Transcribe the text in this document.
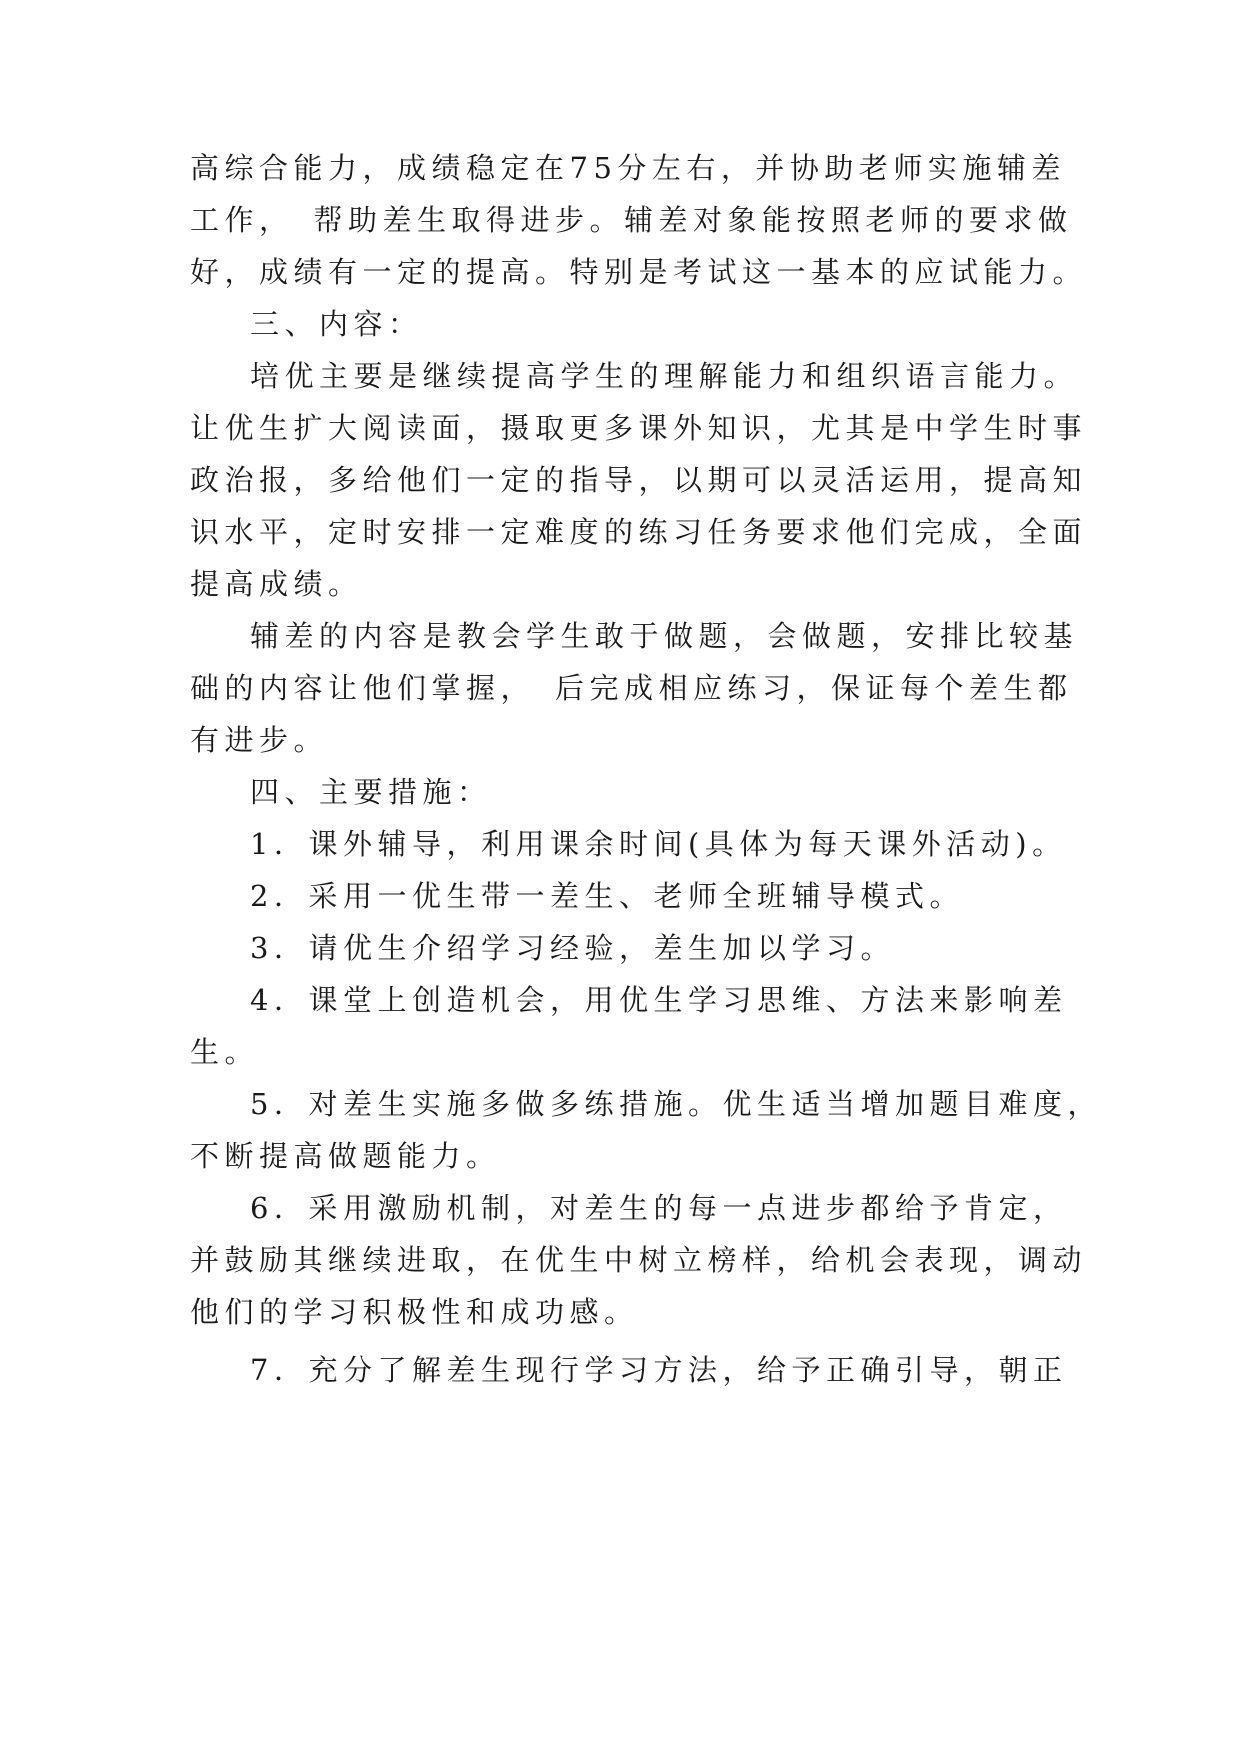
高综合能力，成绩稳定在75分左右，并协助老师实施辅差
工作，　帮助差生取得进步。辅差对象能按照老师的要求做
好，成绩有一定的提高。特别是考试这一基本的应试能力。
三、内容：
培优主要是继续提高学生的理解能力和组织语言能力。
让优生扩大阅读面，摄取更多课外知识，尤其是中学生时事
政治报，多给他们一定的指导，以期可以灵活运用，提高知
识水平，定时安排一定难度的练习任务要求他们完成，全面
提高成绩。
辅差的内容是教会学生敢于做题，会做题，安排比较基
础的内容让他们掌握，　后完成相应练习，保证每个差生都
有进步。
四、主要措施：
1．课外辅导，利用课余时间(具体为每天课外活动)。
2．采用一优生带一差生、老师全班辅导模式。
3．请优生介绍学习经验，差生加以学习。
4．课堂上创造机会，用优生学习思维、方法来影响差
生。
5．对差生实施多做多练措施。优生适当增加题目难度，
不断提高做题能力。
6．采用激励机制，对差生的每一点进步都给予肯定，
并鼓励其继续进取，在优生中树立榜样，给机会表现，调动
他们的学习积极性和成功感。
7．充分了解差生现行学习方法，给予正确引导，朝正
